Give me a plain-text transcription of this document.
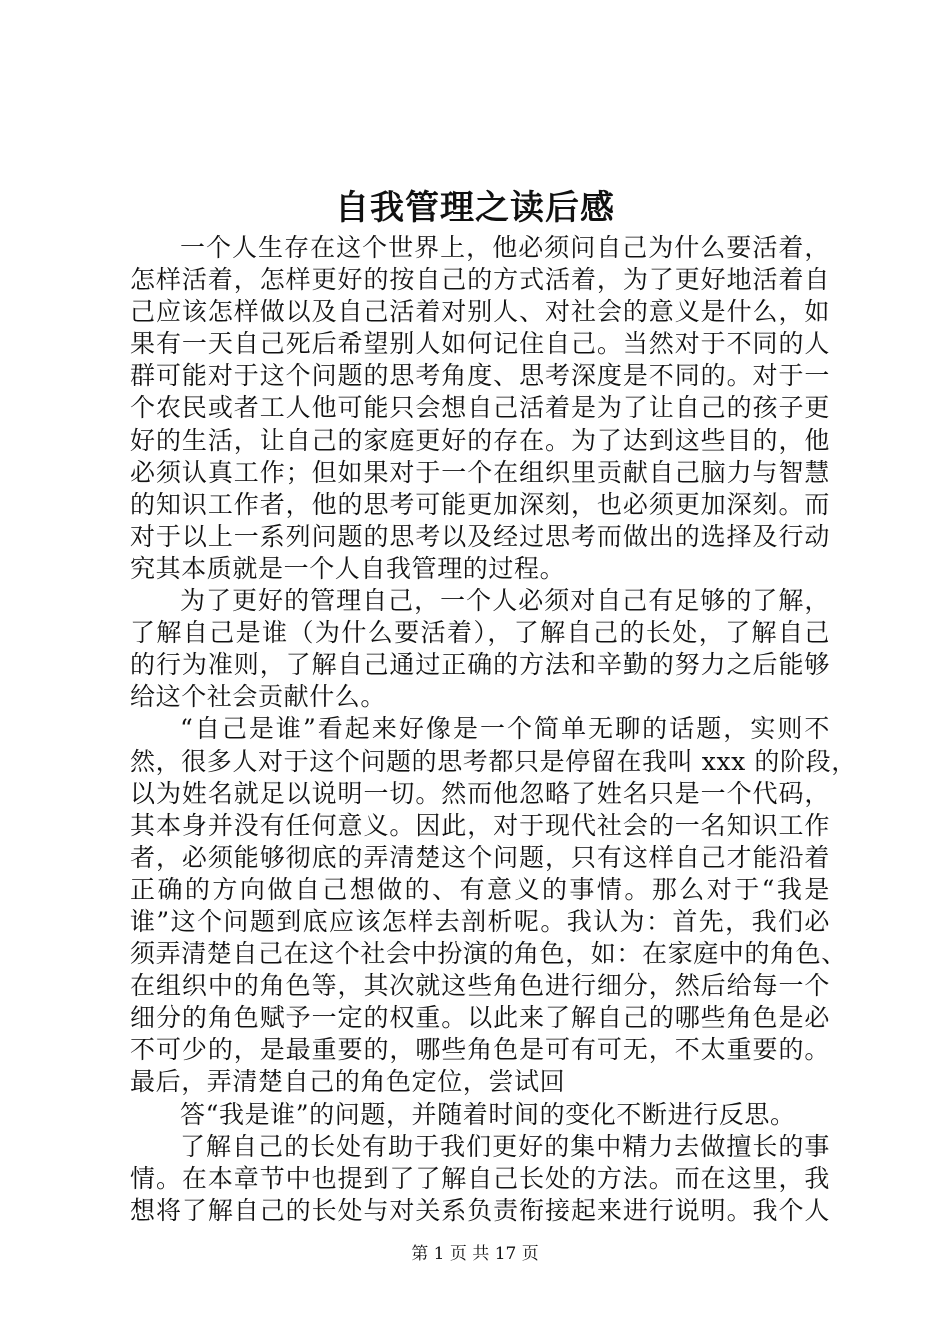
自我管理之读后感
一个人生存在这个世界上，他必须问自己为什么要活着，
怎样活着，怎样更好的按自己的方式活着，为了更好地活着自
己应该怎样做以及自己活着对别人、对社会的意义是什么，如
果有一天自己死后希望别人如何记住自己。当然对于不同的人
群可能对于这个问题的思考角度、思考深度是不同的。对于一
个农民或者工人他可能只会想自己活着是为了让自己的孩子更
好的生活，让自己的家庭更好的存在。为了达到这些目的，他
必须认真工作；但如果对于一个在组织里贡献自己脑力与智慧
的知识工作者，他的思考可能更加深刻，也必须更加深刻。而
对于以上一系列问题的思考以及经过思考而做出的选择及行动
究其本质就是一个人自我管理的过程。
为了更好的管理自己，一个人必须对自己有足够的了解，
了解自己是谁（为什么要活着），了解自己的长处，了解自己
的行为准则，了解自己通过正确的方法和辛勤的努力之后能够
给这个社会贡献什么。
“自己是谁”看起来好像是一个简单无聊的话题，实则不
然，很多人对于这个问题的思考都只是停留在我叫 xxx 的阶段，
以为姓名就足以说明一切。然而他忽略了姓名只是一个代码，
其本身并没有任何意义。因此，对于现代社会的一名知识工作
者，必须能够彻底的弄清楚这个问题，只有这样自己才能沿着
正确的方向做自己想做的、有意义的事情。那么对于“我是
谁”这个问题到底应该怎样去剖析呢。我认为：首先，我们必
须弄清楚自己在这个社会中扮演的角色，如：在家庭中的角色、
在组织中的角色等，其次就这些角色进行细分，然后给每一个
细分的角色赋予一定的权重。以此来了解自己的哪些角色是必
不可少的，是最重要的，哪些角色是可有可无，不太重要的。
最后，弄清楚自己的角色定位，尝试回
答“我是谁”的问题，并随着时间的变化不断进行反思。
了解自己的长处有助于我们更好的集中精力去做擅长的事
情。在本章节中也提到了了解自己长处的方法。而在这里，我
想将了解自己的长处与对关系负责衔接起来进行说明。我个人
第 1 页 共 17 页
